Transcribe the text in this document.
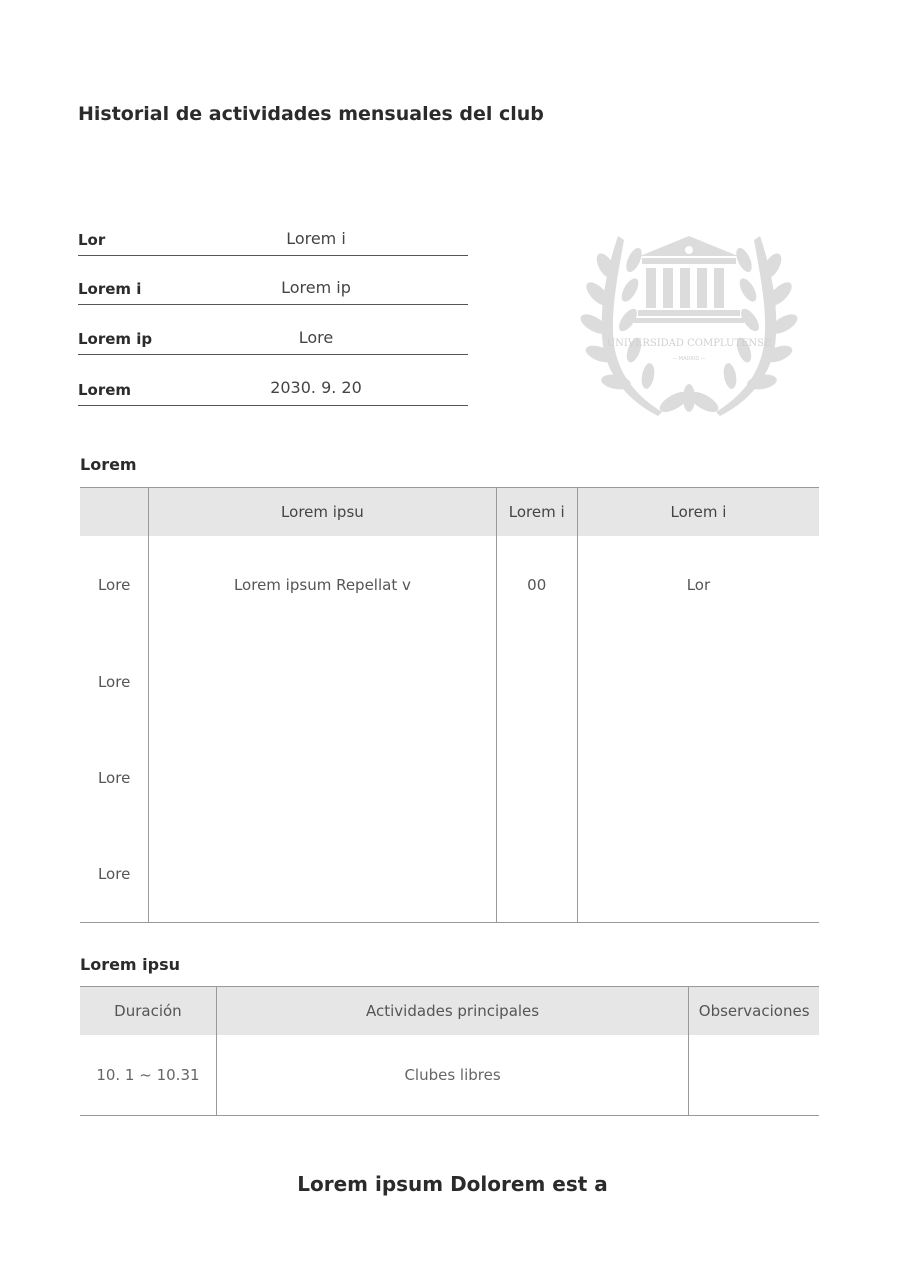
Historial de actividades mensuales del club
Lor	Lorem i
Lorem i	Lorem ip
Lorem ip	Lore
Lorem	2030. 9. 20
UNIVERSIDAD COMPLUTENSE
— MADRID —
Lorem
	Lorem ipsu	Lorem i	Lorem i
Lore	Lorem ipsum Repellat v	00	Lor
Lore			
Lore			
Lore			
Lorem ipsu
Duración	Actividades principales	Observaciones
10. 1 ~ 10.31	Clubes libres	
Lorem ipsum Dolorem est a
